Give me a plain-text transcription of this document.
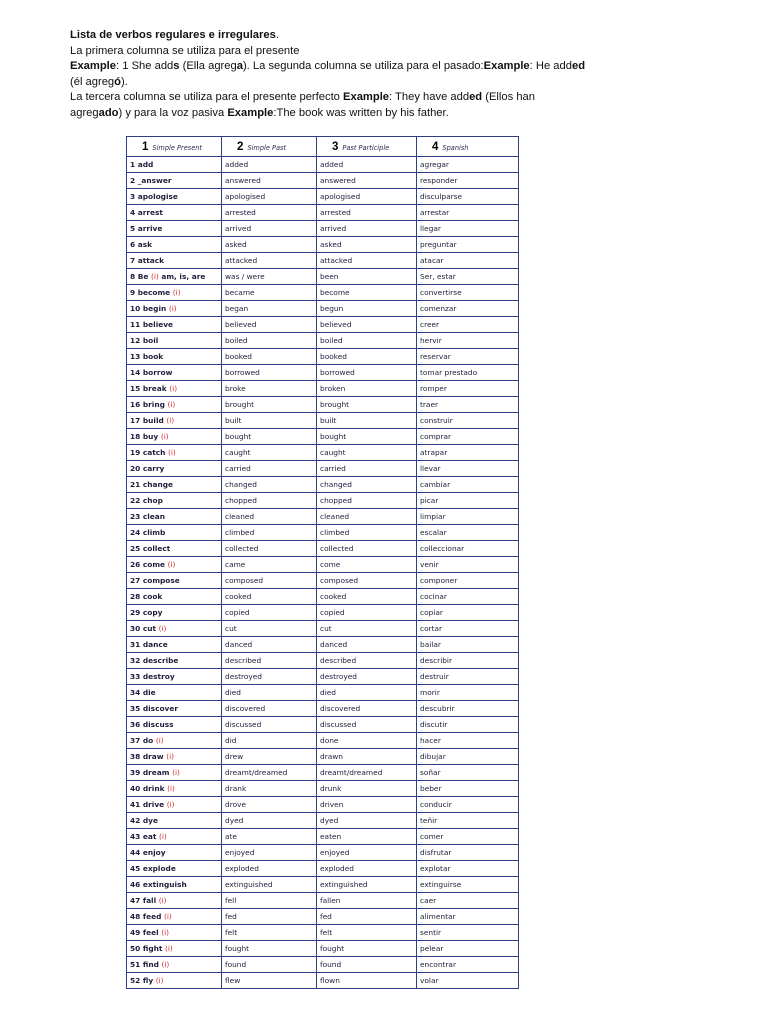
Lista de verbos regulares e irregulares.

La primera columna se utiliza para el presente

Example: 1 She adds (Ella agrega). La segunda columna se utiliza para el pasado:Example: He added (él agregó).

La tercera columna se utiliza para el presente perfecto Example: They have added (Ellos han agregado) y para la voz pasiva Example:The book was written by his father.

1 Simple Present	2 Simple Past	3 Past Participle	4 Spanish
1 add	added	added	agregar
2 _answer	answered	answered	responder
3 apologise	apologised	apologised	disculparse
4 arrest	arrested	arrested	arrestar
5 arrive	arrived	arrived	llegar
6 ask	asked	asked	preguntar
7 attack	attacked	attacked	atacar
8 Be (i) am, is, are	was / were	been	Ser, estar
9 become (i)	became	become	convertirse
10 begin (i)	began	begun	comenzar
11 believe	believed	believed	creer
12 boil	boiled	boiled	hervir
13 book	booked	booked	reservar
14 borrow	borrowed	borrowed	tomar prestado
15 break (i)	broke	broken	romper
16 bring (i)	brought	brought	traer
17 build (i)	built	built	construir
18 buy (i)	bought	bought	comprar
19 catch (i)	caught	caught	atrapar
20 carry	carried	carried	llevar
21 change	changed	changed	cambiar
22 chop	chopped	chopped	picar
23 clean	cleaned	cleaned	limpiar
24 climb	climbed	climbed	escalar
25 collect	collected	collected	colleccionar
26 come (i)	came	come	venir
27 compose	composed	composed	componer
28 cook	cooked	cooked	cocinar
29 copy	copied	copied	copiar
30 cut (i)	cut	cut	cortar
31 dance	danced	danced	bailar
32 describe	described	described	describir
33 destroy	destroyed	destroyed	destruir
34 die	died	died	morir
35 discover	discovered	discovered	descubrir
36 discuss	discussed	discussed	discutir
37 do (i)	did	done	hacer
38 draw (i)	drew	drawn	dibujar
39 dream (i)	dreamt/dreamed	dreamt/dreamed	soñar
40 drink (i)	drank	drunk	beber
41 drive (i)	drove	driven	conducir
42 dye	dyed	dyed	teñir
43 eat (i)	ate	eaten	comer
44 enjoy	enjoyed	enjoyed	disfrutar
45 explode	exploded	exploded	explotar
46 extinguish	extinguished	extinguished	extinguirse
47 fall (i)	fell	fallen	caer
48 feed (i)	fed	fed	alimentar
49 feel (i)	felt	felt	sentir
50 fight (i)	fought	fought	pelear
51 find (i)	found	found	encontrar
52 fly (i)	flew	flown	volar
